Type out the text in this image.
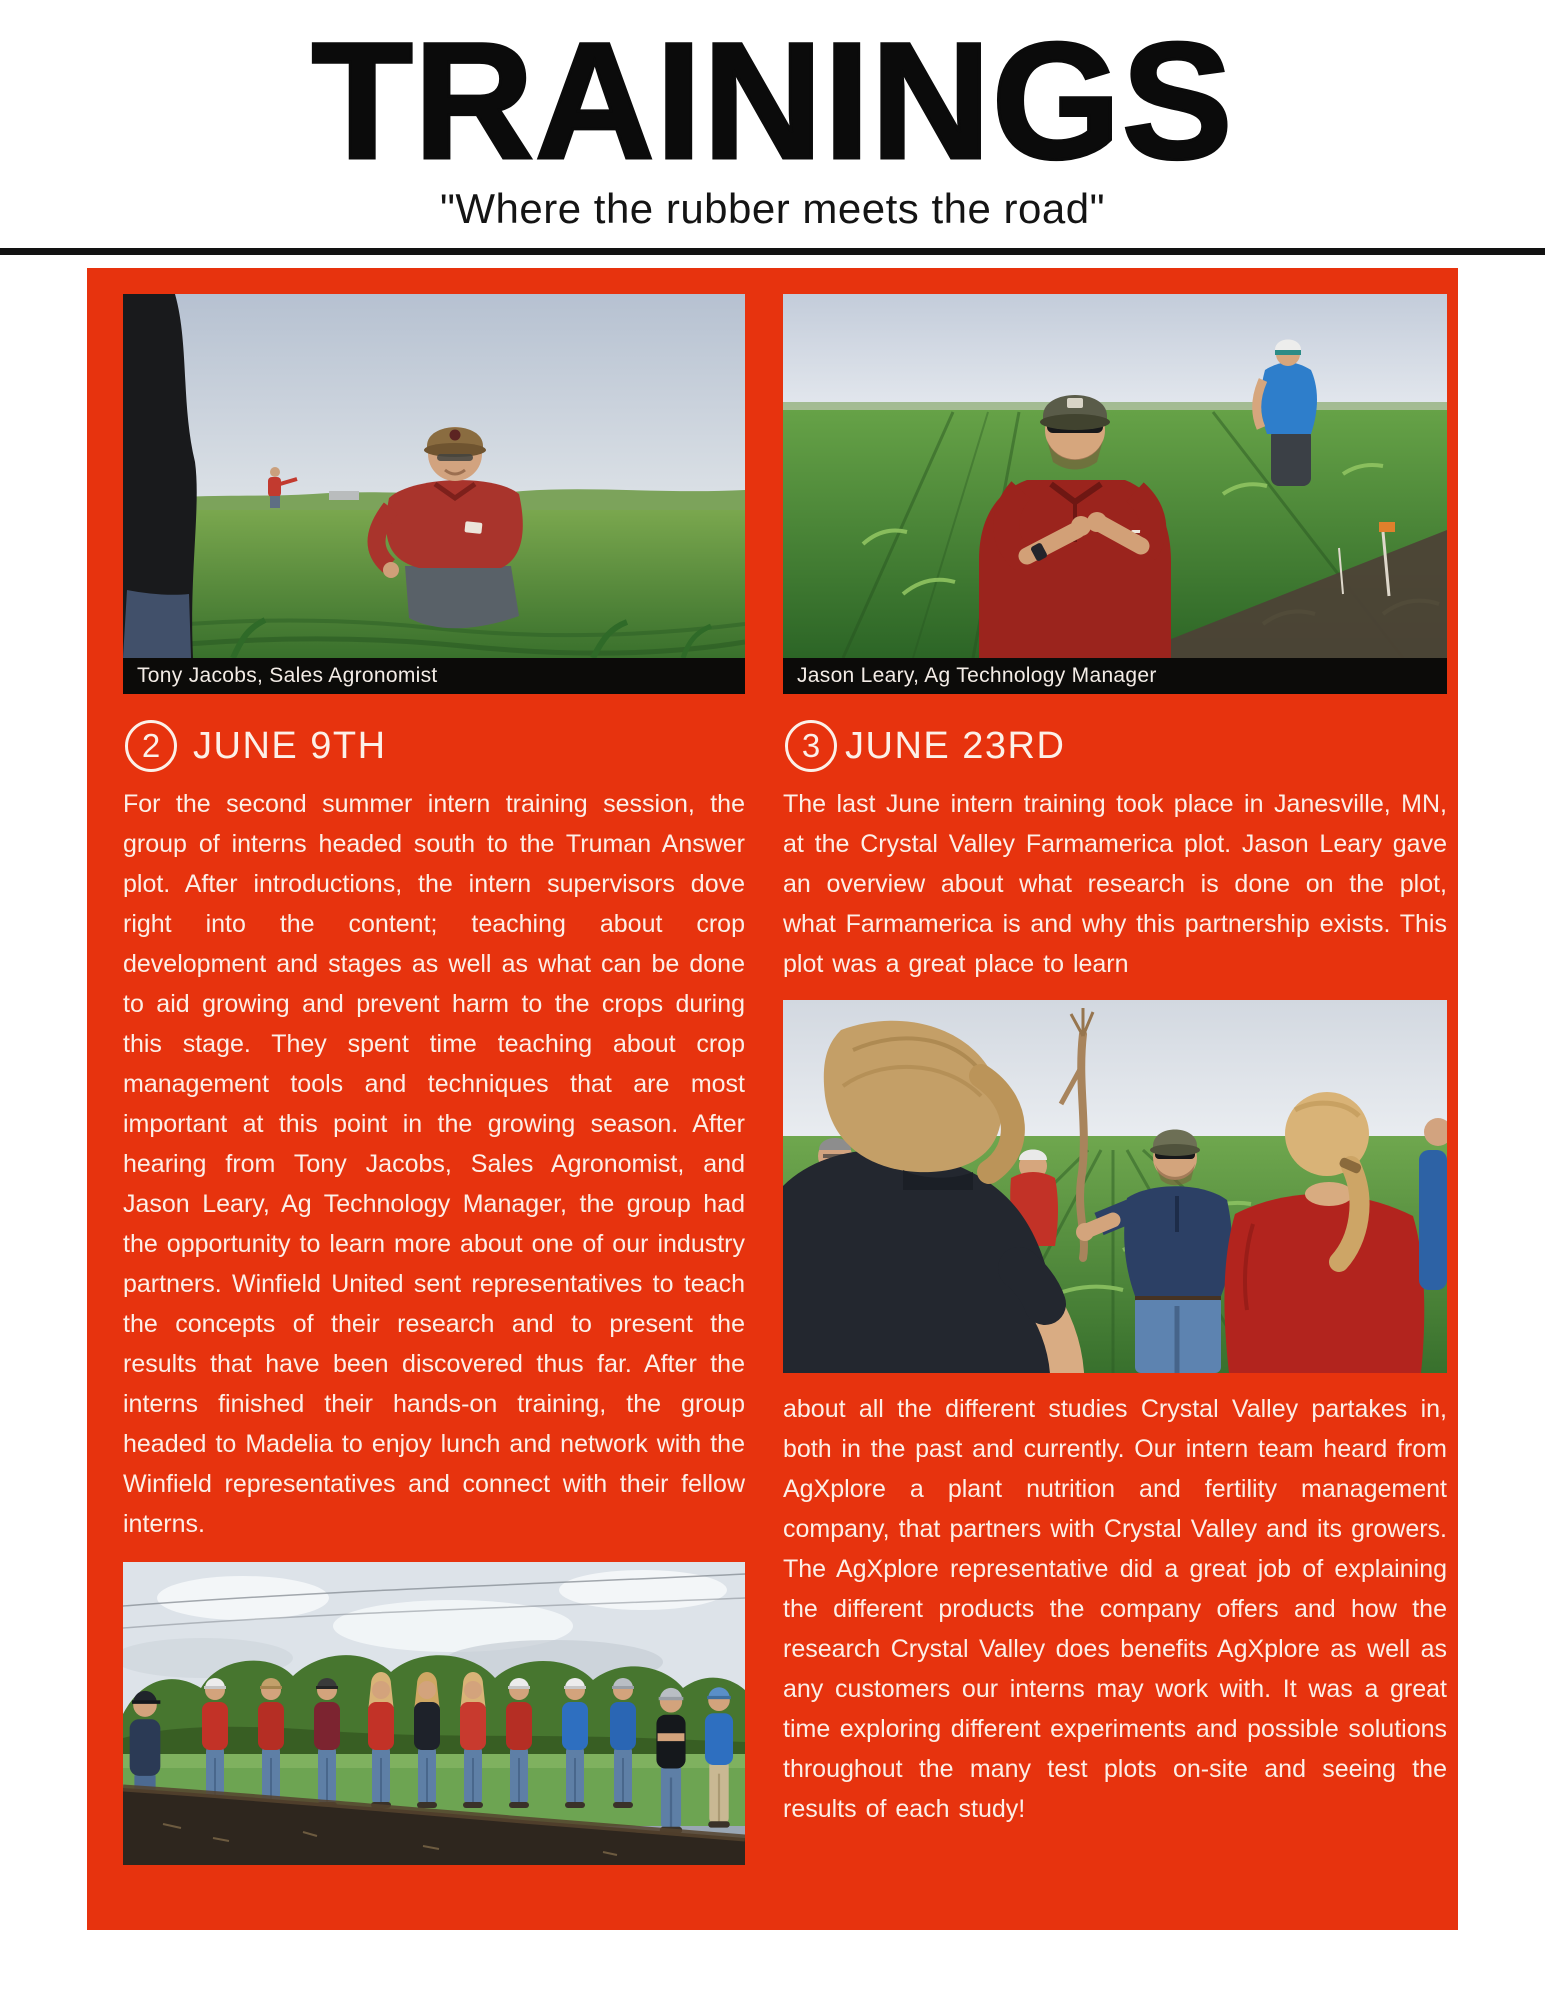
TRAININGS
"Where the rubber meets the road"
Tony Jacobs, Sales Agronomist
2 JUNE 9TH

For the second summer intern training session, the group of interns headed south to the Truman Answer plot. After introductions, the intern supervisors dove right into the content; teaching about crop development and stages as well as what can be done to aid growing and prevent harm to the crops during this stage. They spent time teaching about crop management tools and techniques that are most important at this point in the growing season. After hearing from Tony Jacobs, Sales Agronomist, and Jason Leary, Ag Technology Manager, the group had the opportunity to learn more about one of our industry partners. Winfield United sent representatives to teach the concepts of their research and to present the results that have been discovered thus far. After the interns finished their hands-on training, the group headed to Madelia to enjoy lunch and network with the Winfield representatives and connect with their fellow interns.

Jason Leary, Ag Technology Manager
3 JUNE 23RD

The last June intern training took place in Janesville, MN, at the Crystal Valley Farmamerica plot. Jason Leary gave an overview about what research is done on the plot, what Farmamerica is and why this partnership exists. This plot was a great place to learn

about all the different studies Crystal Valley partakes in, both in the past and currently. Our intern team heard from AgXplore a plant nutrition and fertility management company, that partners with Crystal Valley and its growers. The AgXplore representative did a great job of explaining the different products the company offers and how the research Crystal Valley does benefits AgXplore as well as any customers our interns may work with. It was a great time exploring different experiments and possible solutions throughout the many test plots on-site and seeing the results of each study!
